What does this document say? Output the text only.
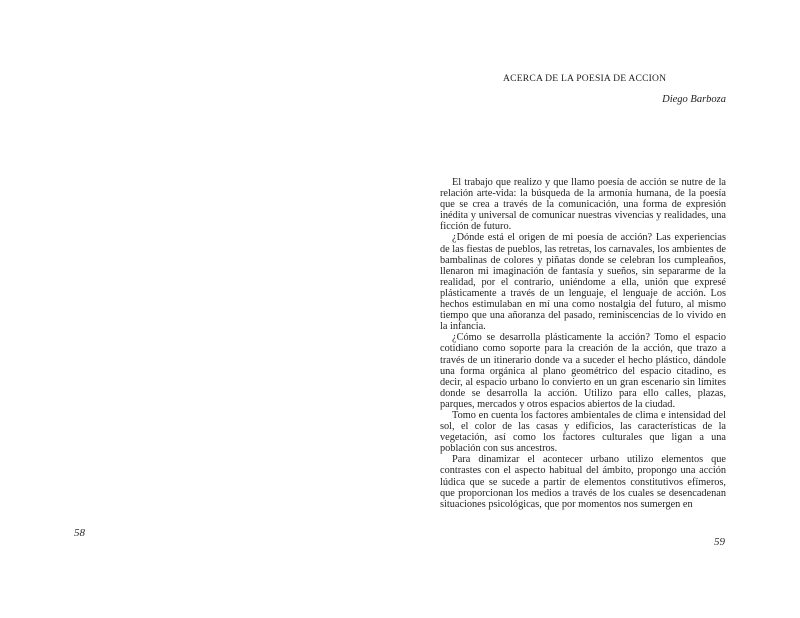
58
ACERCA DE LA POESIA DE ACCION
Diego Barboza

El trabajo que realizo y que llamo poesía de acción se nutre de la relación arte-vida: la búsqueda de la armonía humana, de la poesía que se crea a través de la comunicación, una forma de expresión inédita y universal de comunicar nuestras vivencias y realidades, una ficción de futuro.

¿Dónde está el origen de mi poesía de acción? Las experiencias de las fiestas de pueblos, las retretas, los carnavales, los ambientes de bambalinas de colores y piñatas donde se celebran los cumpleaños, llenaron mi imaginación de fantasía y sueños, sin separarme de la realidad, por el contrario, uniéndome a ella, unión que expresé plásticamente a través de un lenguaje, el lenguaje de acción. Los hechos estimulaban en mí una como nostalgia del futuro, al mismo tiempo que una añoranza del pasado, reminiscencias de lo vivido en la infancia.

¿Cómo se desarrolla plásticamente la acción? Tomo el espacio cotidiano como soporte para la creación de la acción, que trazo a través de un itinerario donde va a suceder el hecho plástico, dándole una forma orgánica al plano geométrico del espacio citadino, es decir, al espacio urbano lo convierto en un gran escenario sin límites donde se desarrolla la acción. Utilizo para ello calles, plazas, parques, mercados y otros espacios abiertos de la ciudad.

Tomo en cuenta los factores ambientales de clima e intensidad del sol, el color de las casas y edificios, las características de la vegetación, así como los factores culturales que ligan a una población con sus ancestros.

Para dinamizar el acontecer urbano utilizo elementos que contrastes con el aspecto habitual del ámbito, propongo una acción lúdica que se sucede a partir de elementos constitutivos efímeros, que proporcionan los medios a través de los cuales se desencadenan situaciones psicológicas, que por momentos nos sumergen en

59
